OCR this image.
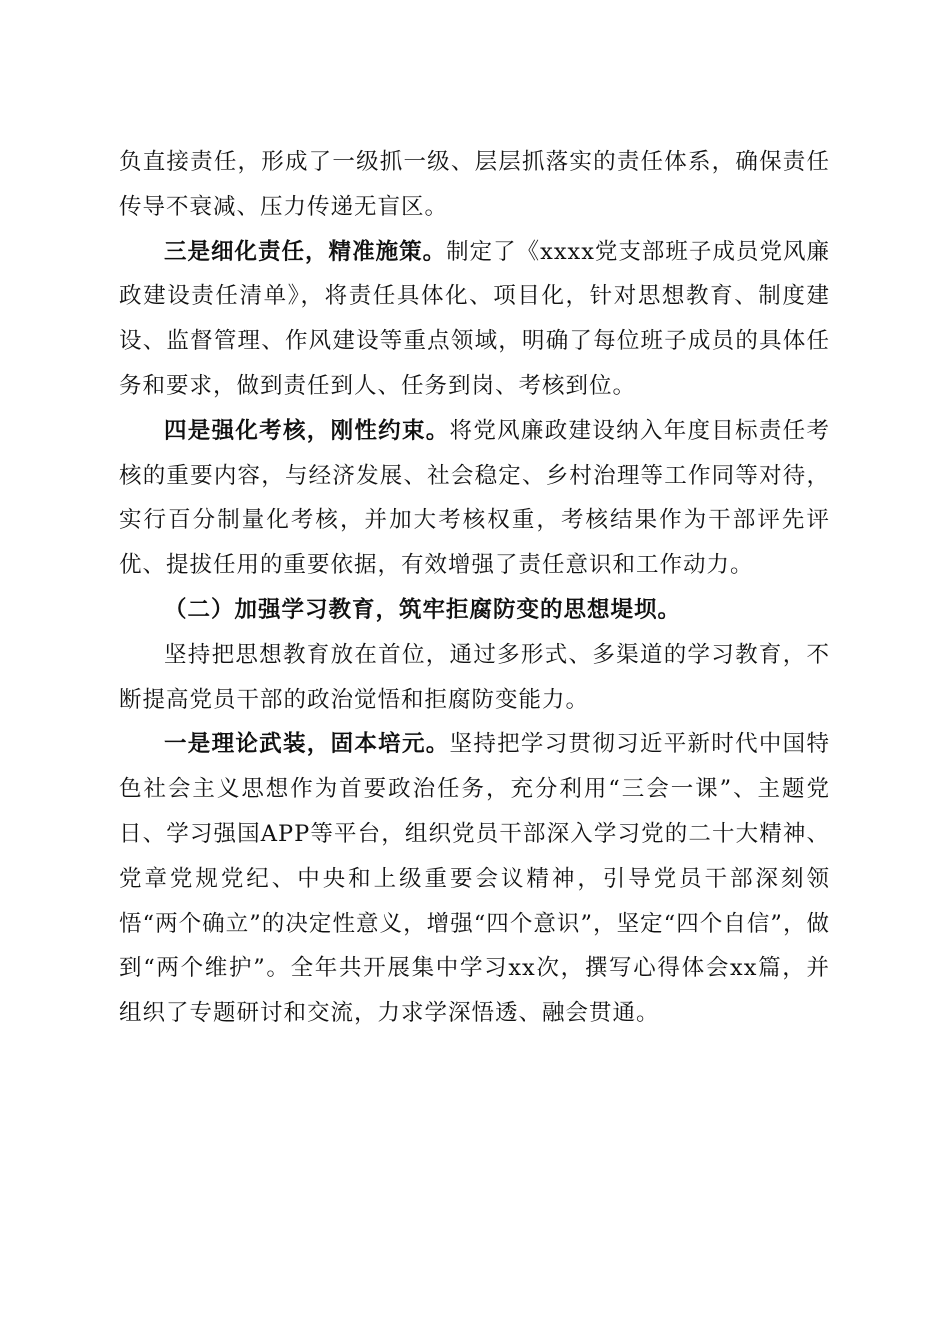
负直接责任，形成了一级抓一级、层层抓落实的责任体系，确保责任传导不衰减、压力传递无盲区。

三是细化责任，精准施策。制定了《xxxx党支部班子成员党风廉政建设责任清单》，将责任具体化、项目化，针对思想教育、制度建设、监督管理、作风建设等重点领域，明确了每位班子成员的具体任务和要求，做到责任到人、任务到岗、考核到位。

四是强化考核，刚性约束。将党风廉政建设纳入年度目标责任考核的重要内容，与经济发展、社会稳定、乡村治理等工作同等对待，实行百分制量化考核，并加大考核权重，考核结果作为干部评先评优、提拔任用的重要依据，有效增强了责任意识和工作动力。

（二）加强学习教育，筑牢拒腐防变的思想堤坝。

坚持把思想教育放在首位，通过多形式、多渠道的学习教育，不断提高党员干部的政治觉悟和拒腐防变能力。

一是理论武装，固本培元。坚持把学习贯彻习近平新时代中国特色社会主义思想作为首要政治任务，充分利用“三会一课”、主题党日、学习强国APP等平台，组织党员干部深入学习党的二十大精神、党章党规党纪、中央和上级重要会议精神，引导党员干部深刻领悟“两个确立”的决定性意义，增强“四个意识”，坚定“四个自信”，做到“两个维护”。全年共开展集中学习xx次，撰写心得体会xx篇，并组织了专题研讨和交流，力求学深悟透、融会贯通。
